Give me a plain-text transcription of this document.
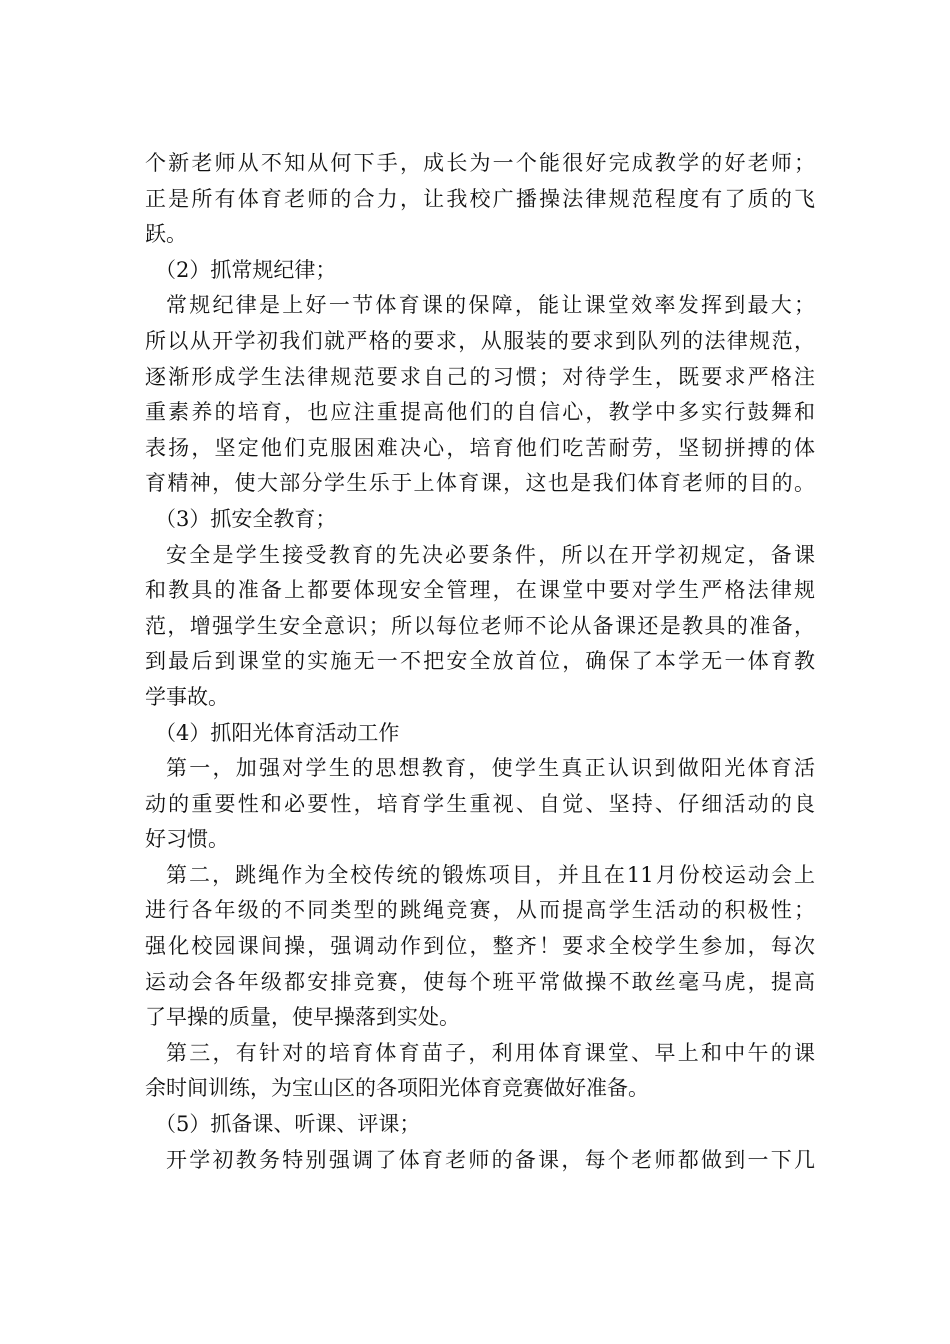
个新老师从不知从何下手，成长为一个能很好完成教学的好老师；
正是所有体育老师的合力，让我校广播操法律规范程度有了质的飞
跃。
（2）抓常规纪律；
常规纪律是上好一节体育课的保障，能让课堂效率发挥到最大；
所以从开学初我们就严格的要求，从服装的要求到队列的法律规范，
逐渐形成学生法律规范要求自己的习惯；对待学生，既要求严格注
重素养的培育，也应注重提高他们的自信心，教学中多实行鼓舞和
表扬，坚定他们克服困难决心，培育他们吃苦耐劳，坚韧拼搏的体
育精神，使大部分学生乐于上体育课，这也是我们体育老师的目的。
（3）抓安全教育；
安全是学生接受教育的先决必要条件，所以在开学初规定，备课
和教具的准备上都要体现安全管理，在课堂中要对学生严格法律规
范，增强学生安全意识；所以每位老师不论从备课还是教具的准备，
到最后到课堂的实施无一不把安全放首位，确保了本学无一体育教
学事故。
（4）抓阳光体育活动工作
第一，加强对学生的思想教育，使学生真正认识到做阳光体育活
动的重要性和必要性，培育学生重视、自觉、坚持、仔细活动的良
好习惯。
第二，跳绳作为全校传统的锻炼项目，并且在11月份校运动会上
进行各年级的不同类型的跳绳竞赛，从而提高学生活动的积极性；
强化校园课间操，强调动作到位，整齐！要求全校学生参加，每次
运动会各年级都安排竞赛，使每个班平常做操不敢丝毫马虎，提高
了早操的质量，使早操落到实处。
第三，有针对的培育体育苗子，利用体育课堂、早上和中午的课
余时间训练，为宝山区的各项阳光体育竞赛做好准备。
（5）抓备课、听课、评课；
开学初教务特别强调了体育老师的备课，每个老师都做到一下几
